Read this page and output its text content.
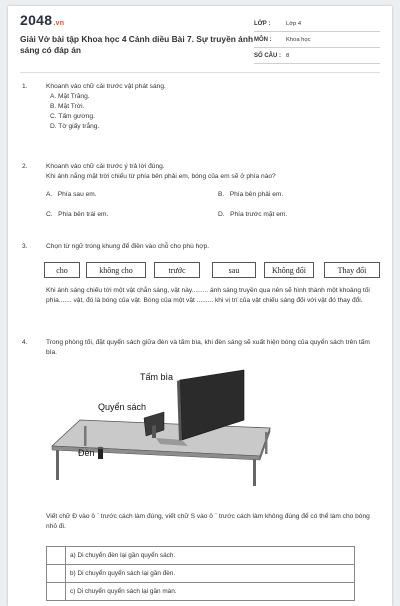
2048.vn
Giải Vở bài tập Khoa học 4 Cánh diều Bài 7. Sự truyền ánh sáng có đáp án
LỚP :	Lớp 4
MÔN :	Khoa học
SỐ CÂU : 8
1.	Khoanh vào chữ cái trước vật phát sáng.
A. Mặt Trăng.
B. Mặt Trời.
C. Tấm gương.
D. Tờ giấy trắng.
2.	Khoanh vào chữ cái trước ý trả lời đúng.
Khi ánh nắng mặt trời chiếu từ phía bên phải em, bóng của em sẽ ở phía nào?
A. Phía sau em.	B. Phía bên phải em.
C. Phía bên trái em.	D. Phía trước mặt em.
3.	Chọn từ ngữ trong khung để điền vào chỗ cho phù hợp.
cho	không cho	trước	sau	Không đổi	Thay đổi
Khi ánh sáng chiếu tới một vật chắn sáng, vật này......... ánh sáng truyền qua nên sẽ hình thành một khoảng tối phía....... vật, đó là bóng của vật. Bóng của một vật ......... khi vị trí của vật chiếu sáng đối với vật đó thay đổi.
4.	Trong phòng tối, đặt quyển sách giữa đèn và tấm bìa, khi đèn sáng sẽ xuất hiện bóng của quyển sách trên tấm bìa.
Tấm bìa
Quyển sách
Đèn
Viết chữ Đ vào ô ¨ trước cách làm đúng, viết chữ S vào ô ¨ trước cách làm không đúng để có thể làm cho bóng nhỏ đi.
	a) Di chuyển đèn lại gần quyển sách.
	b) Di chuyển quyển sách lại gần đèn.
	c) Di chuyển quyển sách lại gần màn.
